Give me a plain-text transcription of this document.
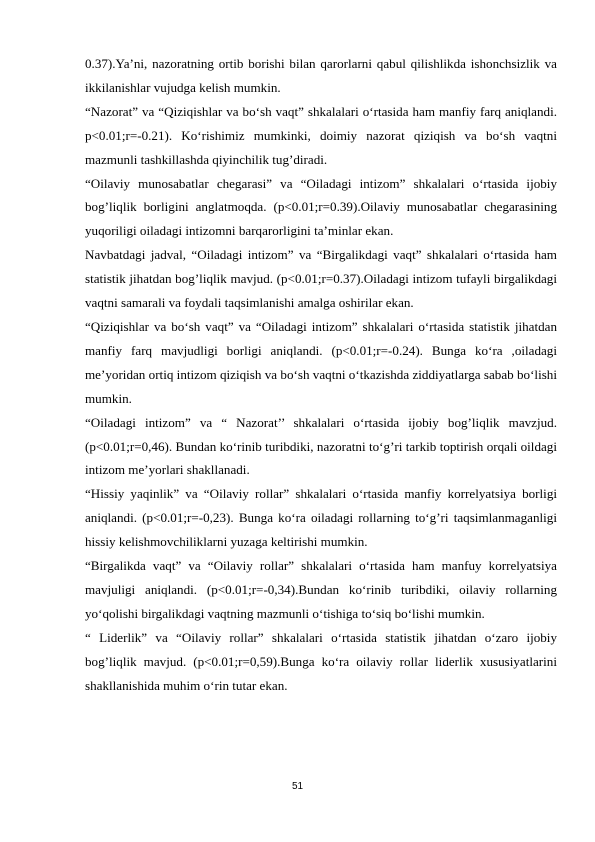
0.37).Ya’ni, nazoratning ortib borishi bilan qarorlarni qabul qilishlikda ishonchsizlik va ikkilanishlar vujudga kelish mumkin.

“Nazorat” va “Qiziqishlar va bo‘sh vaqt” shkalalari o‘rtasida ham manfiy farq aniqlandi. p<0.01;r=-0.21). Ko‘rishimiz mumkinki, doimiy nazorat qiziqish va bo‘sh vaqtni mazmunli tashkillashda qiyinchilik tug’diradi.

“Oilaviy munosabatlar chegarasi” va “Oiladagi intizom” shkalalari o‘rtasida ijobiy bog’liqlik borligini anglatmoqda. (p<0.01;r=0.39).Oilaviy munosabatlar chegarasining yuqoriligi oiladagi intizomni barqarorligini ta’minlar ekan.

Navbatdagi jadval, “Oiladagi intizom” va “Birgalikdagi vaqt” shkalalari o‘rtasida ham statistik jihatdan bog’liqlik mavjud. (p<0.01;r=0.37).Oiladagi intizom tufayli birgalikdagi vaqtni samarali va foydali taqsimlanishi amalga oshirilar ekan.

“Qiziqishlar va bo‘sh vaqt” va “Oiladagi intizom” shkalalari o‘rtasida statistik jihatdan manfiy farq mavjudligi borligi aniqlandi. (p<0.01;r=-0.24). Bunga ko‘ra ,oiladagi me’yoridan ortiq intizom qiziqish va bo‘sh vaqtni o‘tkazishda ziddiyatlarga sabab bo‘lishi mumkin.

“Oiladagi intizom” va “ Nazorat’’ shkalalari o‘rtasida ijobiy bog’liqlik mavzjud.(p<0.01;r=0,46). Bundan ko‘rinib turibdiki, nazoratni to‘g’ri tarkib toptirish orqali oildagi intizom me’yorlari shakllanadi.

“Hissiy yaqinlik” va “Oilaviy rollar” shkalalari o‘rtasida manfiy korrelyatsiya borligi aniqlandi. (p<0.01;r=-0,23). Bunga ko‘ra oiladagi rollarning to‘g’ri taqsimlanmaganligi hissiy kelishmovchiliklarni yuzaga keltirishi mumkin.

“Birgalikda vaqt” va “Oilaviy rollar” shkalalari o‘rtasida ham manfuy korrelyatsiya mavjuligi aniqlandi. (p<0.01;r=-0,34).Bundan ko‘rinib turibdiki, oilaviy rollarning yo‘qolishi birgalikdagi vaqtning mazmunli o‘tishiga to‘siq bo‘lishi mumkin.

“ Liderlik” va “Oilaviy rollar” shkalalari o‘rtasida statistik jihatdan o‘zaro ijobiy bog’liqlik mavjud. (p<0.01;r=0,59).Bunga ko‘ra oilaviy rollar liderlik xususiyatlarini shakllanishida muhim o‘rin tutar ekan.

51
